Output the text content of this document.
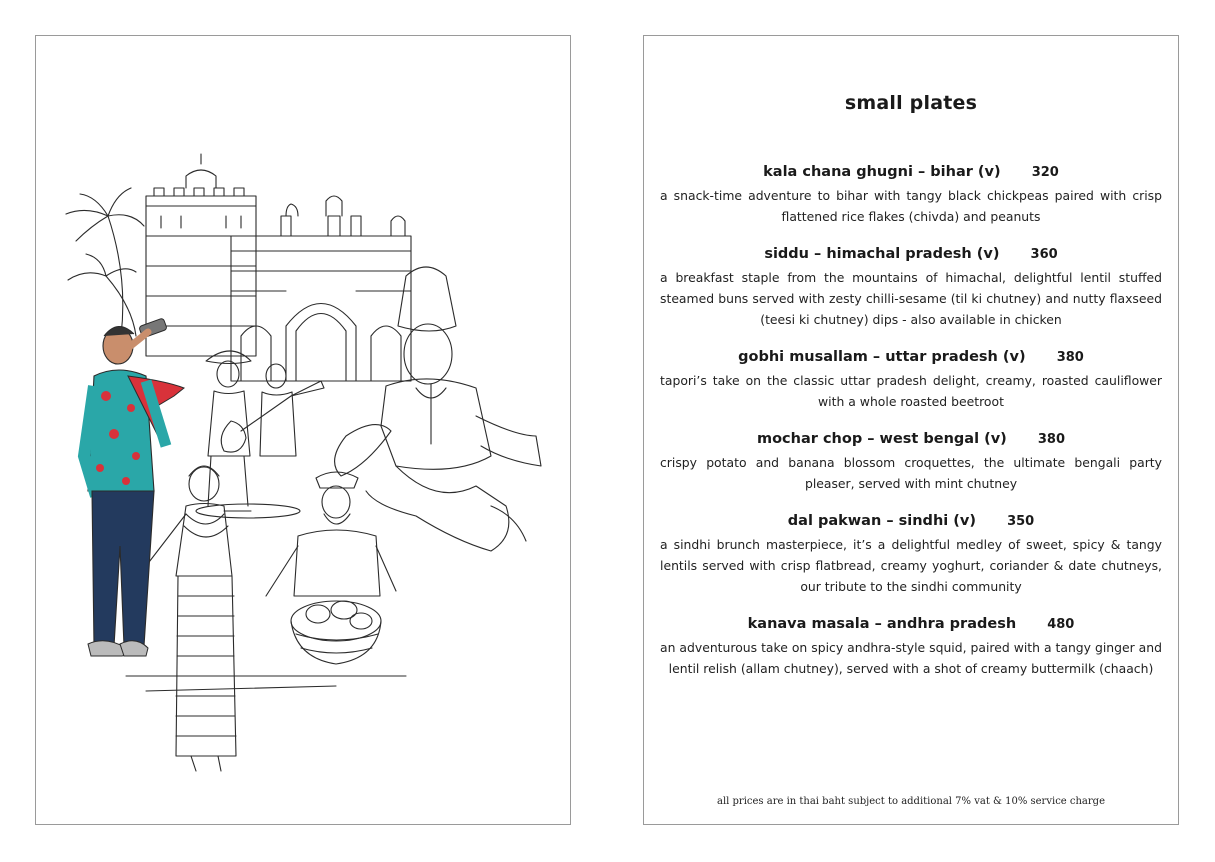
small plates
kala chana ghugni – bihar (v) 320
a snack-time adventure to bihar with tangy black chickpeas paired with crisp flattened rice flakes (chivda) and peanuts
siddu – himachal pradesh (v) 360
a breakfast staple from the mountains of himachal, delightful lentil stuffed steamed buns served with zesty chilli-sesame (til ki chutney) and nutty flaxseed (teesi ki chutney) dips - also available in chicken
gobhi musallam – uttar pradesh (v) 380
tapori’s take on the classic uttar pradesh delight, creamy, roasted cauliflower with a whole roasted beetroot
mochar chop – west bengal (v) 380
crispy potato and banana blossom croquettes, the ultimate bengali party pleaser, served with mint chutney
dal pakwan – sindhi (v) 350
a sindhi brunch masterpiece, it’s a delightful medley of sweet, spicy & tangy lentils served with crisp flatbread, creamy yoghurt, coriander & date chutneys, our tribute to the sindhi community
kanava masala – andhra pradesh 480
an adventurous take on spicy andhra-style squid, paired with a tangy ginger and lentil relish (allam chutney), served with a shot of creamy buttermilk (chaach)
all prices are in thai baht subject to additional 7% vat & 10% service charge
